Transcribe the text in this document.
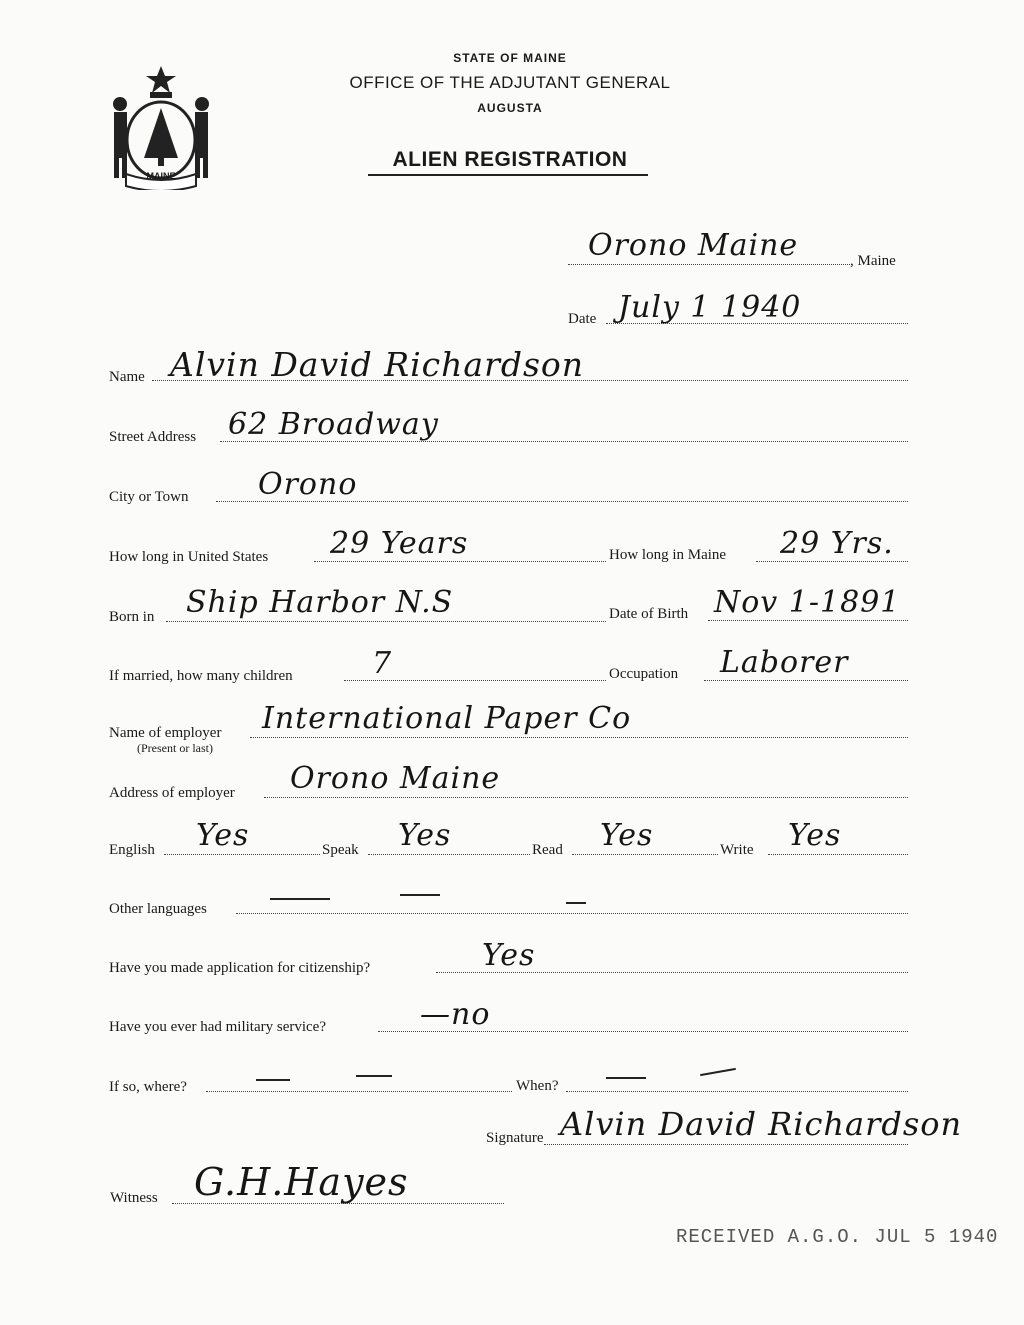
STATE OF MAINE
OFFICE OF THE ADJUTANT GENERAL
AUGUSTA
ALIEN REGISTRATION
MAINE
Orono Maine	, Maine
Date July 1 1940
Name Alvin David Richardson
Street Address 62 Broadway
City or Town Orono
How long in United States 29 Years	How long in Maine 29 Yrs.
Born in Ship Harbor N.S	Date of Birth Nov 1-1891
If married, how many children	7	Occupation Laborer
Name of employer
(Present or last)
International Paper Co
Address of employer Orono Maine
English Yes	Speak Yes	Read Yes	Write Yes
Other languages
Have you made application for citizenship?	Yes
Have you ever had military service?	—no
If so, where?	When?
Signature Alvin David Richardson
Witness G.H.Hayes
RECEIVED A.G.O. JUL 5 1940
